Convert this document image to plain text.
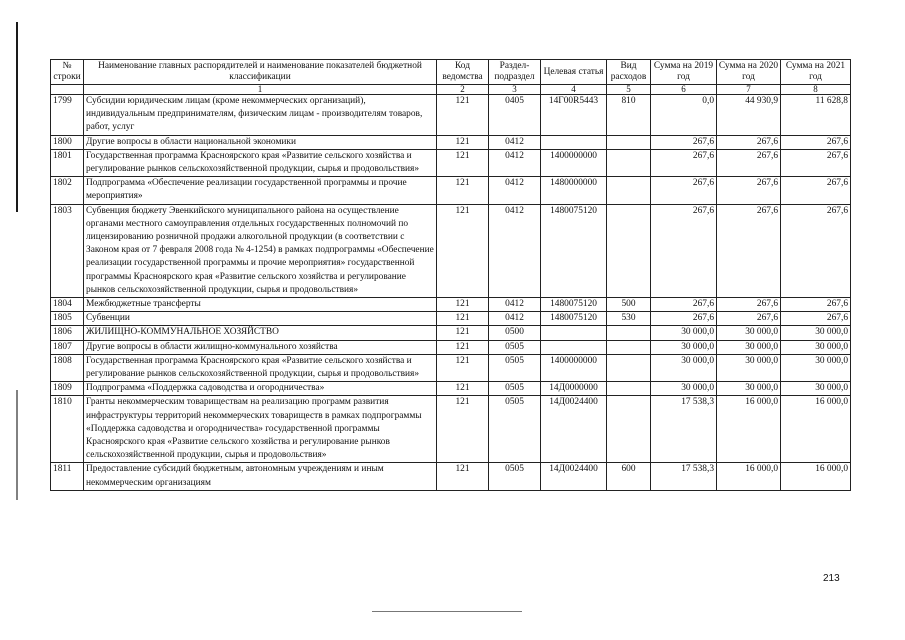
№ строки	Наименование главных распорядителей и наименование показателей бюджетной классификации	Код ведомства	Раздел-подраздел	Целевая статья	Вид расходов	Сумма на 2019 год	Сумма на 2020 год	Сумма на 2021 год
	1	2	3	4	5	6	7	8
1799	Субсидии юридическим лицам (кроме некоммерческих организаций), индивидуальным предпринимателям, физическим лицам - производителям товаров, работ, услуг	121	0405	14Г00R5443	810	0,0	44 930,9	11 628,8
1800	Другие вопросы в области национальной экономики	121	0412			267,6	267,6	267,6
1801	Государственная программа Красноярского края «Развитие сельского хозяйства и регулирование рынков сельскохозяйственной продукции, сырья и продовольствия»	121	0412	1400000000		267,6	267,6	267,6
1802	Подпрограмма «Обеспечение реализации государственной программы и прочие мероприятия»	121	0412	1480000000		267,6	267,6	267,6
1803	Субвенция бюджету Эвенкийского муниципального района на осуществление органами местного самоуправления отдельных государственных полномочий по лицензированию розничной продажи алкогольной продукции (в соответствии с Законом края от 7 февраля 2008 года № 4-1254) в рамках подпрограммы «Обеспечение реализации государственной программы и прочие мероприятия» государственной программы Красноярского края «Развитие сельского хозяйства и регулирование рынков сельскохозяйственной продукции, сырья и продовольствия»	121	0412	1480075120		267,6	267,6	267,6
1804	Межбюджетные трансферты	121	0412	1480075120	500	267,6	267,6	267,6
1805	Субвенции	121	0412	1480075120	530	267,6	267,6	267,6
1806	ЖИЛИЩНО-КОММУНАЛЬНОЕ ХОЗЯЙСТВО	121	0500			30 000,0	30 000,0	30 000,0
1807	Другие вопросы в области жилищно-коммунального хозяйства	121	0505			30 000,0	30 000,0	30 000,0
1808	Государственная программа Красноярского края «Развитие сельского хозяйства и регулирование рынков сельскохозяйственной продукции, сырья и продовольствия»	121	0505	1400000000		30 000,0	30 000,0	30 000,0
1809	Подпрограмма «Поддержка садоводства и огородничества»	121	0505	14Д0000000		30 000,0	30 000,0	30 000,0
1810	Гранты некоммерческим товариществам на реализацию программ развития инфраструктуры территорий некоммерческих товариществ в рамках подпрограммы «Поддержка садоводства и огородничества» государственной программы Красноярского края «Развитие сельского хозяйства и регулирование рынков сельскохозяйственной продукции, сырья и продовольствия»	121	0505	14Д0024400		17 538,3	16 000,0	16 000,0
1811	Предоставление субсидий бюджетным, автономным учреждениям и иным некоммерческим организациям	121	0505	14Д0024400	600	17 538,3	16 000,0	16 000,0
213
